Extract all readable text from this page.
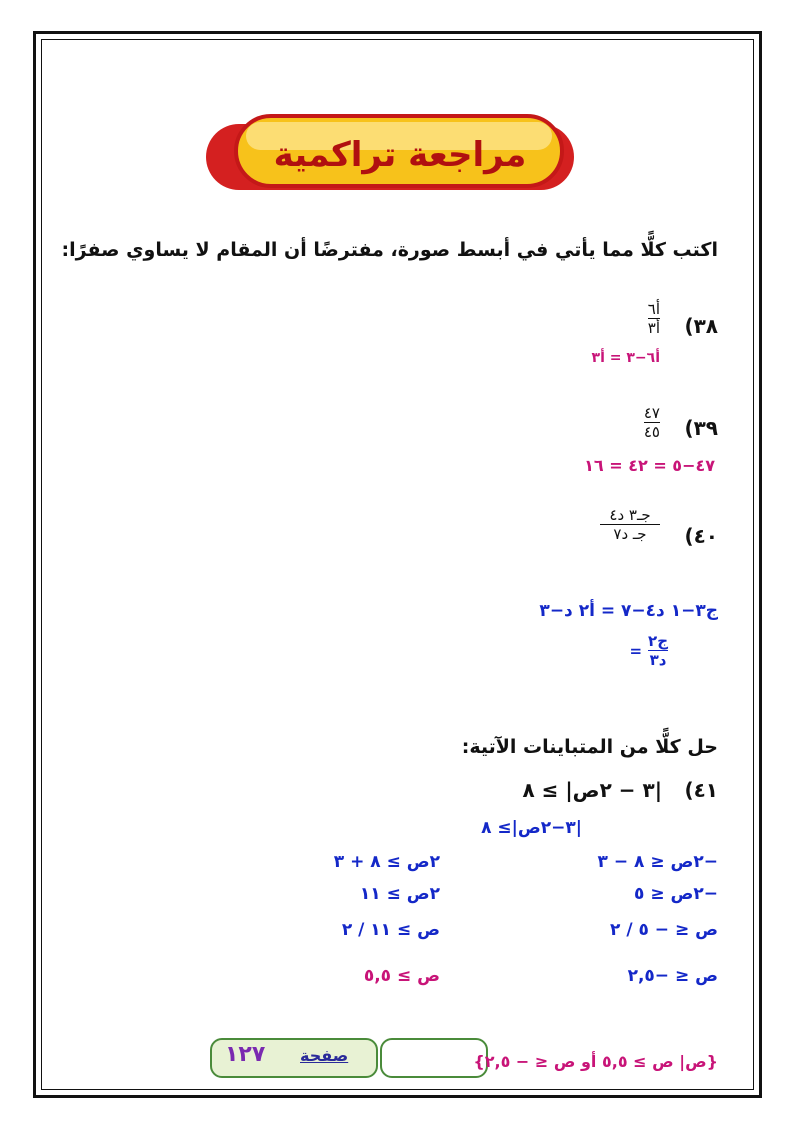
مراجعة تراكمية
اكتب كلًّا مما يأتي في أبسط صورة، مفترضًا أن المقام لا يساوي صفرًا:
(٣٨
أ٦
أ٣
أ٦−٣ = أ٣
(٣٩
٤٧
٤٥
٤٧−٥ = ٤٢ = ١٦
(٤٠
جـ٣ د٤
جـ د٧
ج٣−١ د٤−٧ = أ٢ د−٣
= $\frac{\text{ج٢}}{\text{د٣}}$
حل كلًّا من المتباينات الآتية:
(٤١
|٣ − ٢ص| ≥ ٨
|٣−٢ص|≥ ٨
−٢ص ≤ ٨ − ٣
−٢ص ≤ ٥
ص ≤ − ٥ / ٢
ص ≤ −٢,٥
٢ص ≥ ٨ + ٣
٢ص ≥ ١١
ص ≥ ١١ / ٢
ص ≥ ٥,٥
صفحة
١٢٧	{ص| ص ≥ ٥,٥ أو ص ≤ − ٢,٥}
